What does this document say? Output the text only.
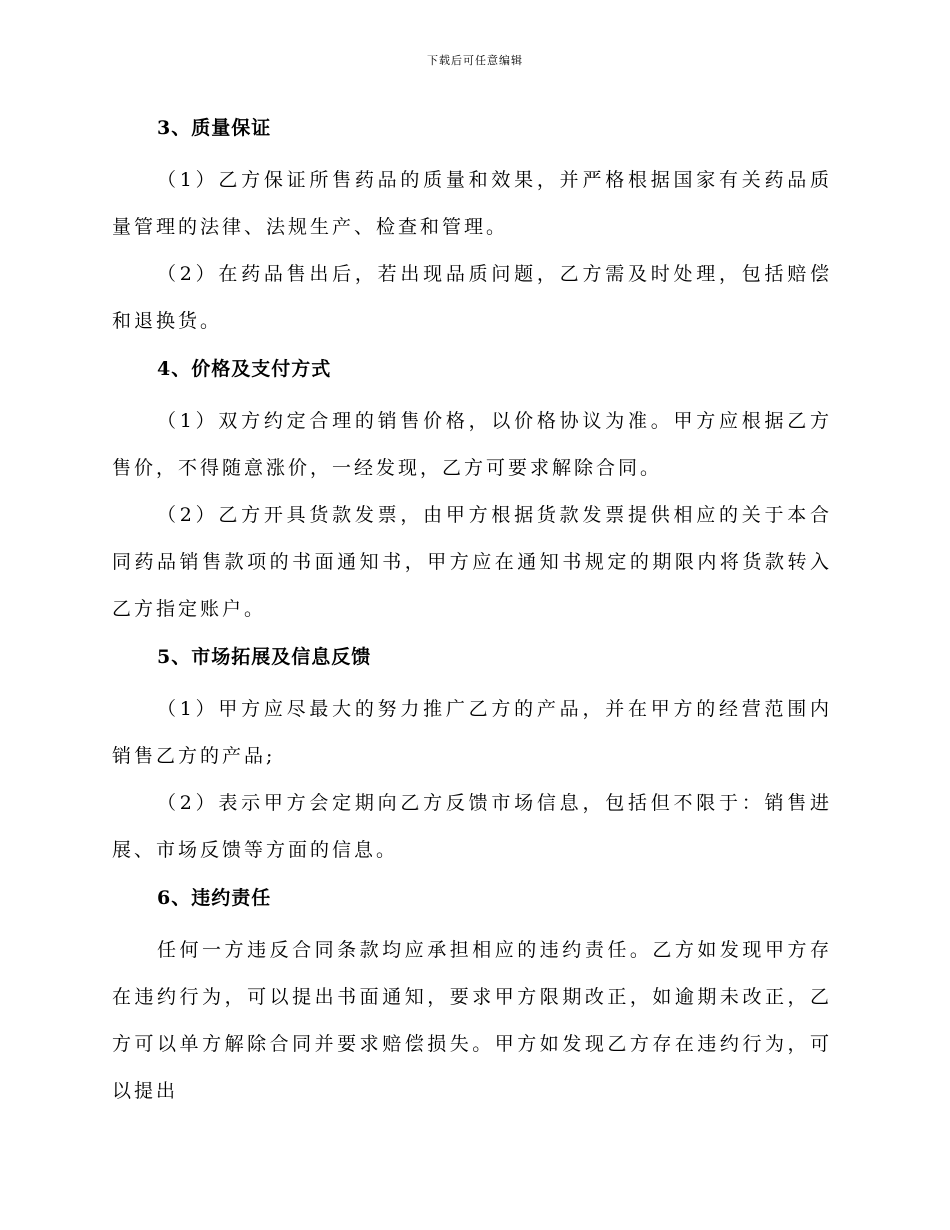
下载后可任意编辑
3、质量保证
（1）乙方保证所售药品的质量和效果，并严格根据国家有关药品质量管理的法律、法规生产、检查和管理。
（2）在药品售出后，若出现品质问题，乙方需及时处理，包括赔偿和退换货。
4、价格及支付方式
（1）双方约定合理的销售价格，以价格协议为准。甲方应根据乙方售价，不得随意涨价，一经发现，乙方可要求解除合同。
（2）乙方开具货款发票，由甲方根据货款发票提供相应的关于本合同药品销售款项的书面通知书，甲方应在通知书规定的期限内将货款转入乙方指定账户。
5、市场拓展及信息反馈
（1）甲方应尽最大的努力推广乙方的产品，并在甲方的经营范围内销售乙方的产品;
（2）表示甲方会定期向乙方反馈市场信息，包括但不限于：销售进展、市场反馈等方面的信息。
6、违约责任
任何一方违反合同条款均应承担相应的违约责任。乙方如发现甲方存在违约行为，可以提出书面通知，要求甲方限期改正，如逾期未改正，乙方可以单方解除合同并要求赔偿损失。甲方如发现乙方存在违约行为，可以提出
